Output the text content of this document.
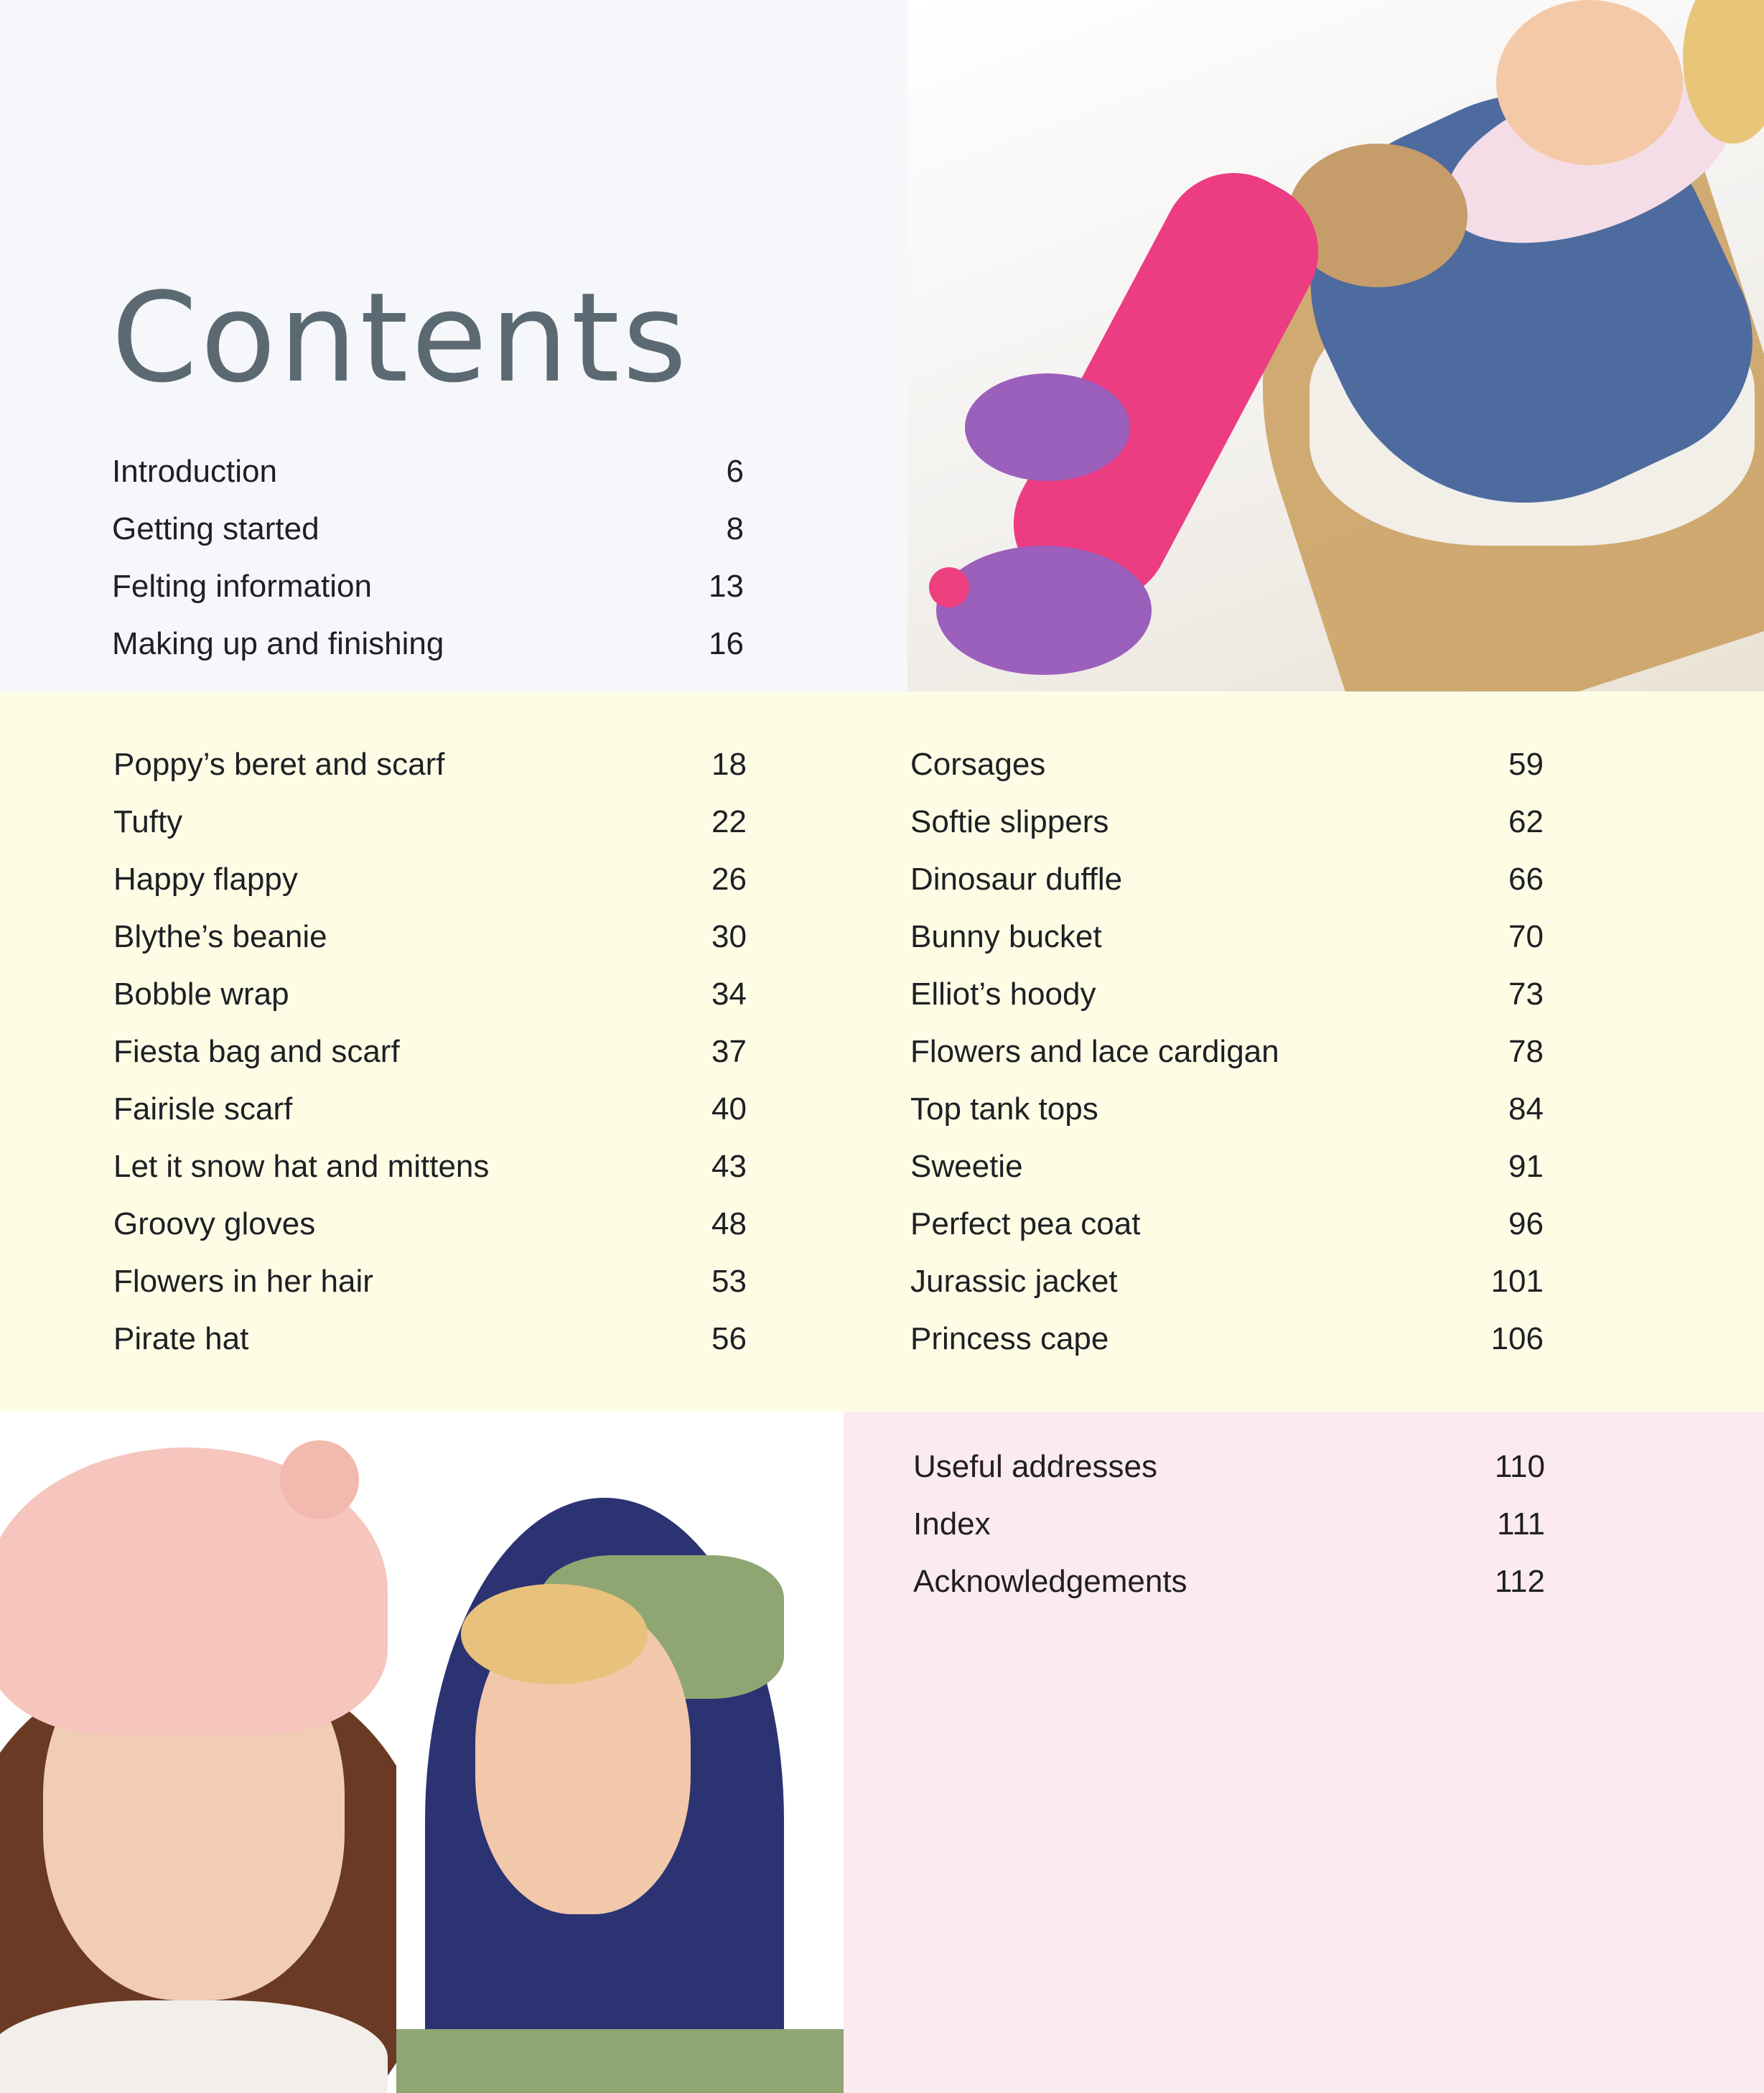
Contents
Introduction	6
Getting started	8
Felting information	13
Making up and finishing	16
Poppy’s beret and scarf	18
Tufty	22
Happy flappy	26
Blythe’s beanie	30
Bobble wrap	34
Fiesta bag and scarf	37
Fairisle scarf	40
Let it snow hat and mittens	43
Groovy gloves	48
Flowers in her hair	53
Pirate hat	56
Corsages	59
Softie slippers	62
Dinosaur duffle	66
Bunny bucket	70
Elliot’s hoody	73
Flowers and lace cardigan	78
Top tank tops	84
Sweetie	91
Perfect pea coat	96
Jurassic jacket	101
Princess cape	106
Useful addresses	110
Index	111
Acknowledgements	112
